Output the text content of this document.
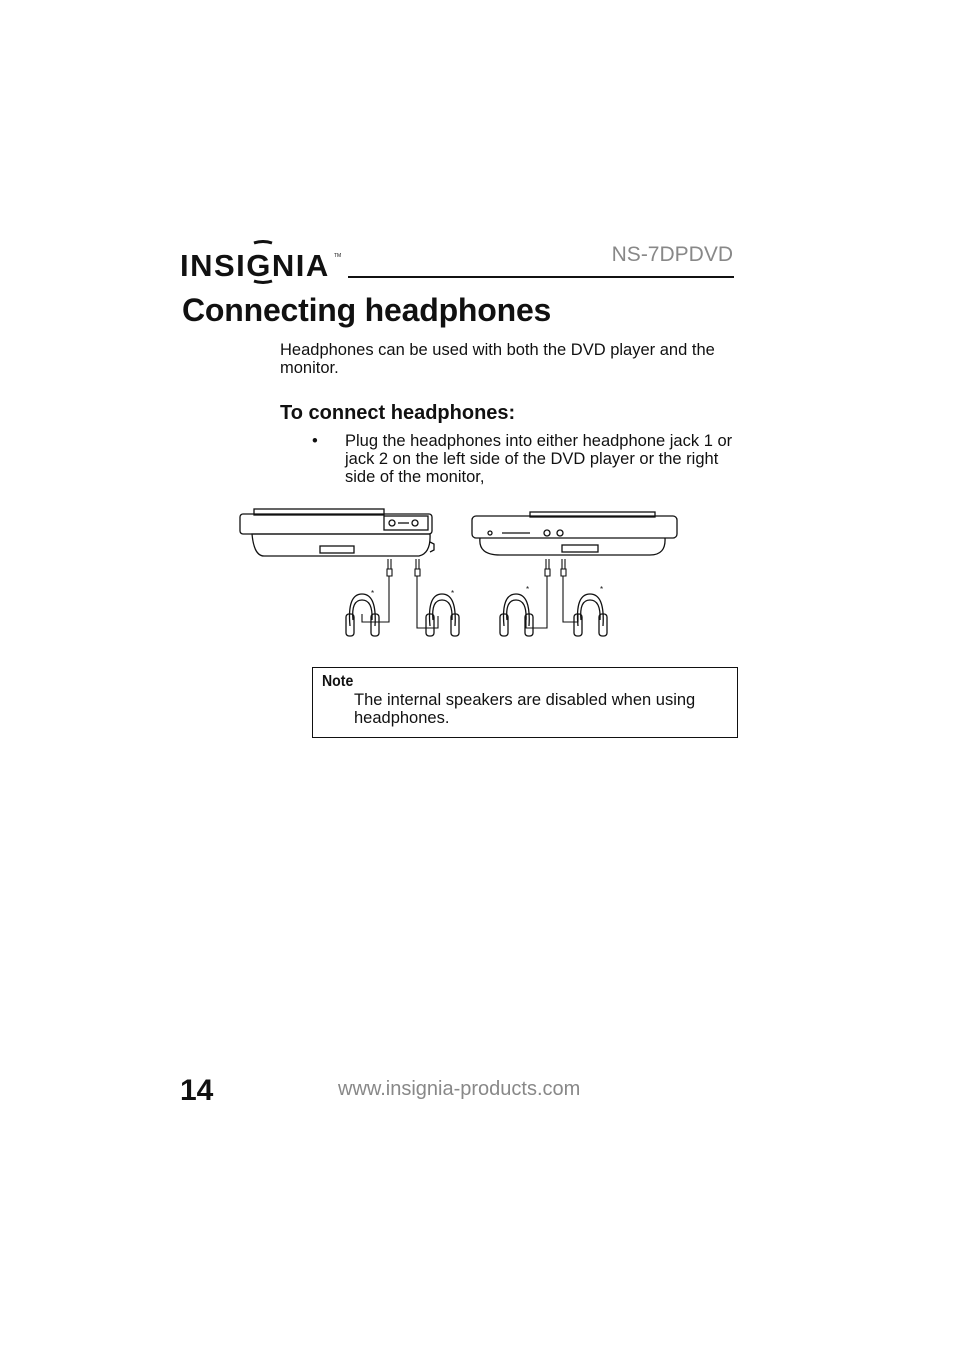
INSIGNIA TM	NS-7DPDVD
Connecting headphones

Headphones can be used with both the DVD player and the monitor.

To connect headphones:
• Plug the headphones into either headphone jack 1 or jack 2 on the left side of the DVD player or the right side of the monitor,
*	*	*	*
Note
The internal speakers are disabled when using headphones.
14	www.insignia-products.com
